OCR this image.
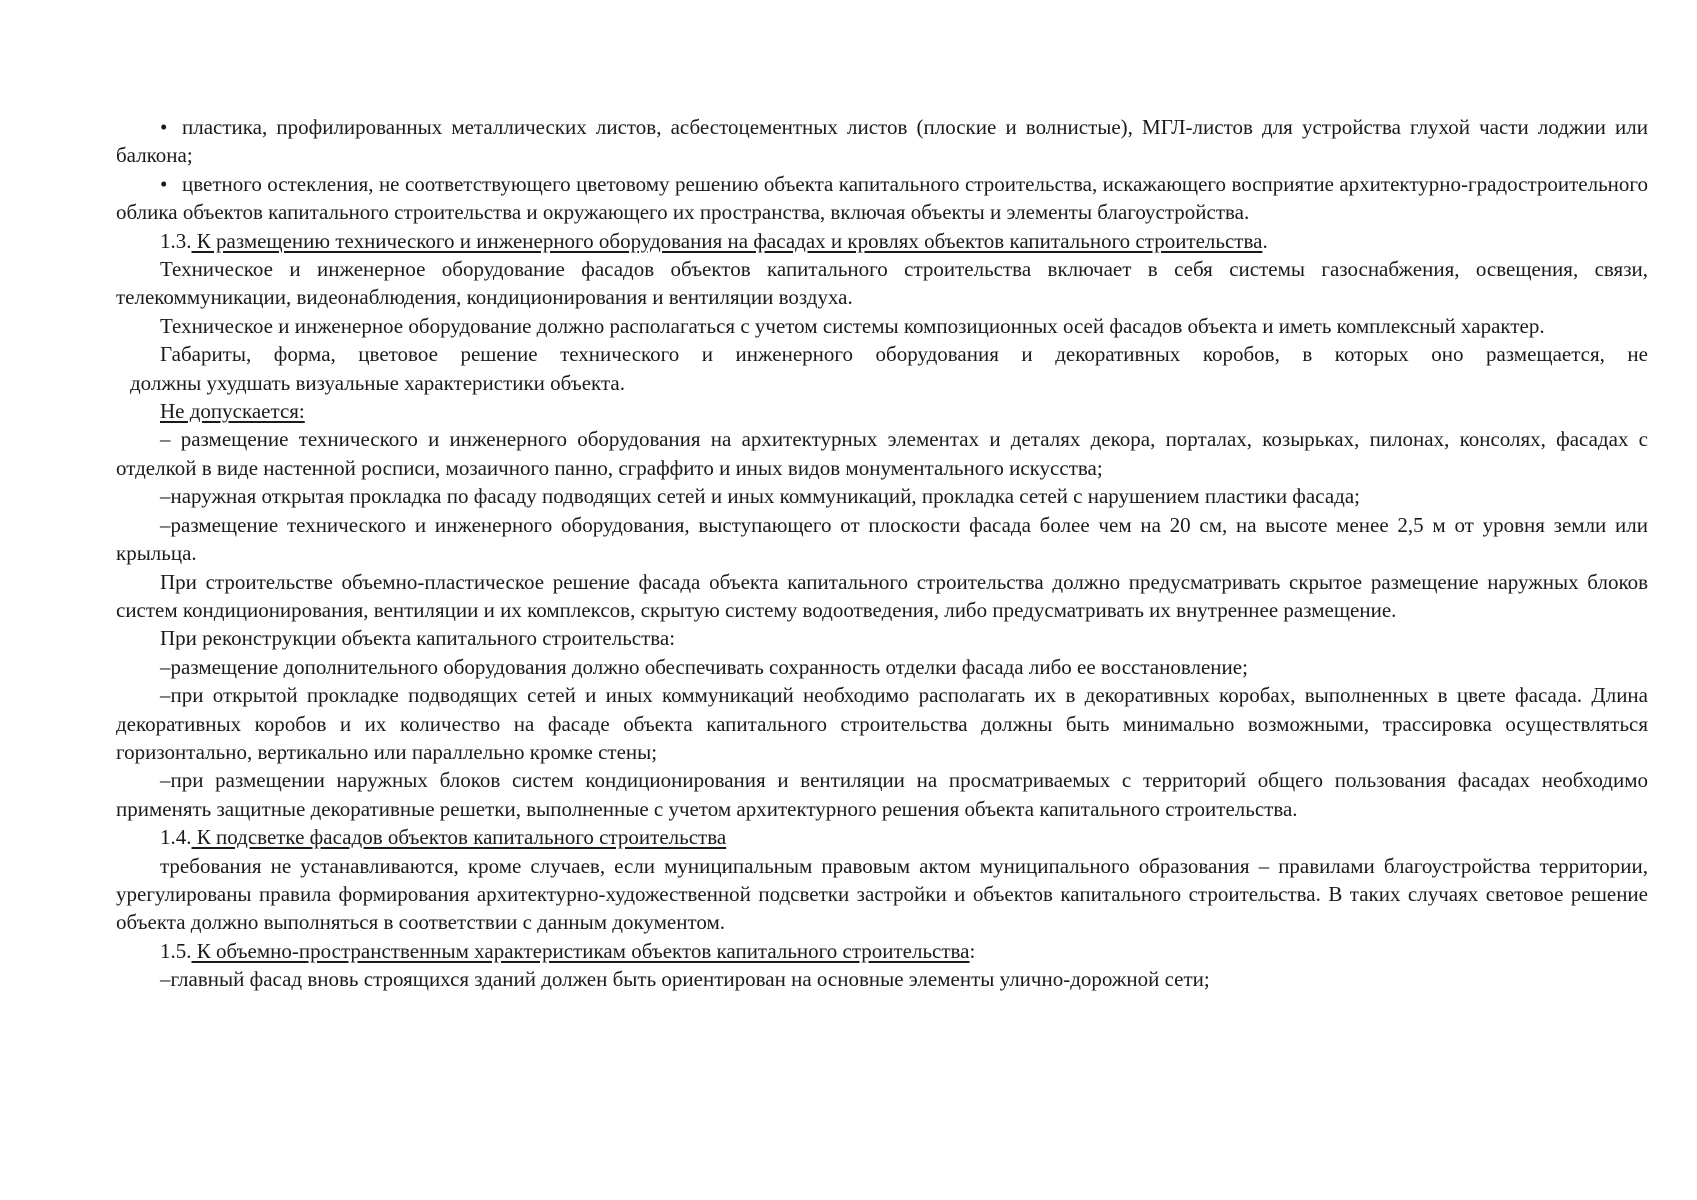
• пластика, профилированных металлических листов, асбестоцементных листов (плоские и волнистые), МГЛ-листов для устройства глухой части лоджии или балкона;

• цветного остекления, не соответствующего цветовому решению объекта капитального строительства, искажающего восприятие архитектурно-градостроительного облика объектов капитального строительства и окружающего их пространства, включая объекты и элементы благоустройства.

1.3. К размещению технического и инженерного оборудования на фасадах и кровлях объектов капитального строительства.

Техническое и инженерное оборудование фасадов объектов капитального строительства включает в себя системы газоснабжения, освещения, связи, телекоммуникации, видеонаблюдения, кондиционирования и вентиляции воздуха.

Техническое и инженерное оборудование должно располагаться с учетом системы композиционных осей фасадов объекта и иметь комплексный характер.

Габариты, форма, цветовое решение технического и инженерного оборудования и декоративных коробов, в которых оно размещается, не

должны ухудшать визуальные характеристики объекта.

Не допускается:

– размещение технического и инженерного оборудования на архитектурных элементах и деталях декора, порталах, козырьках, пилонах, консолях, фасадах с отделкой в виде настенной росписи, мозаичного панно, сграффито и иных видов монументального искусства;

–наружная открытая прокладка по фасаду подводящих сетей и иных коммуникаций, прокладка сетей с нарушением пластики фасада;

–размещение технического и инженерного оборудования, выступающего от плоскости фасада более чем на 20 см, на высоте менее 2,5 м от уровня земли или крыльца.

При строительстве объемно-пластическое решение фасада объекта капитального строительства должно предусматривать скрытое размещение наружных блоков систем кондиционирования, вентиляции и их комплексов, скрытую систему водоотведения, либо предусматривать их внутреннее размещение.

При реконструкции объекта капитального строительства:

–размещение дополнительного оборудования должно обеспечивать сохранность отделки фасада либо ее восстановление;

–при открытой прокладке подводящих сетей и иных коммуникаций необходимо располагать их в декоративных коробах, выполненных в цвете фасада. Длина декоративных коробов и их количество на фасаде объекта капитального строительства должны быть минимально возможными, трассировка осуществляться горизонтально, вертикально или параллельно кромке стены;

–при размещении наружных блоков систем кондиционирования и вентиляции на просматриваемых с территорий общего пользования фасадах необходимо применять защитные декоративные решетки, выполненные с учетом архитектурного решения объекта капитального строительства.

1.4. К подсветке фасадов объектов капитального строительства

требования не устанавливаются, кроме случаев, если муниципальным правовым актом муниципального образования – правилами благоустройства территории, урегулированы правила формирования архитектурно-художественной подсветки застройки и объектов капитального строительства. В таких случаях световое решение объекта должно выполняться в соответствии с данным документом.

1.5. К объемно-пространственным характеристикам объектов капитального строительства:

–главный фасад вновь строящихся зданий должен быть ориентирован на основные элементы улично-дорожной сети;
